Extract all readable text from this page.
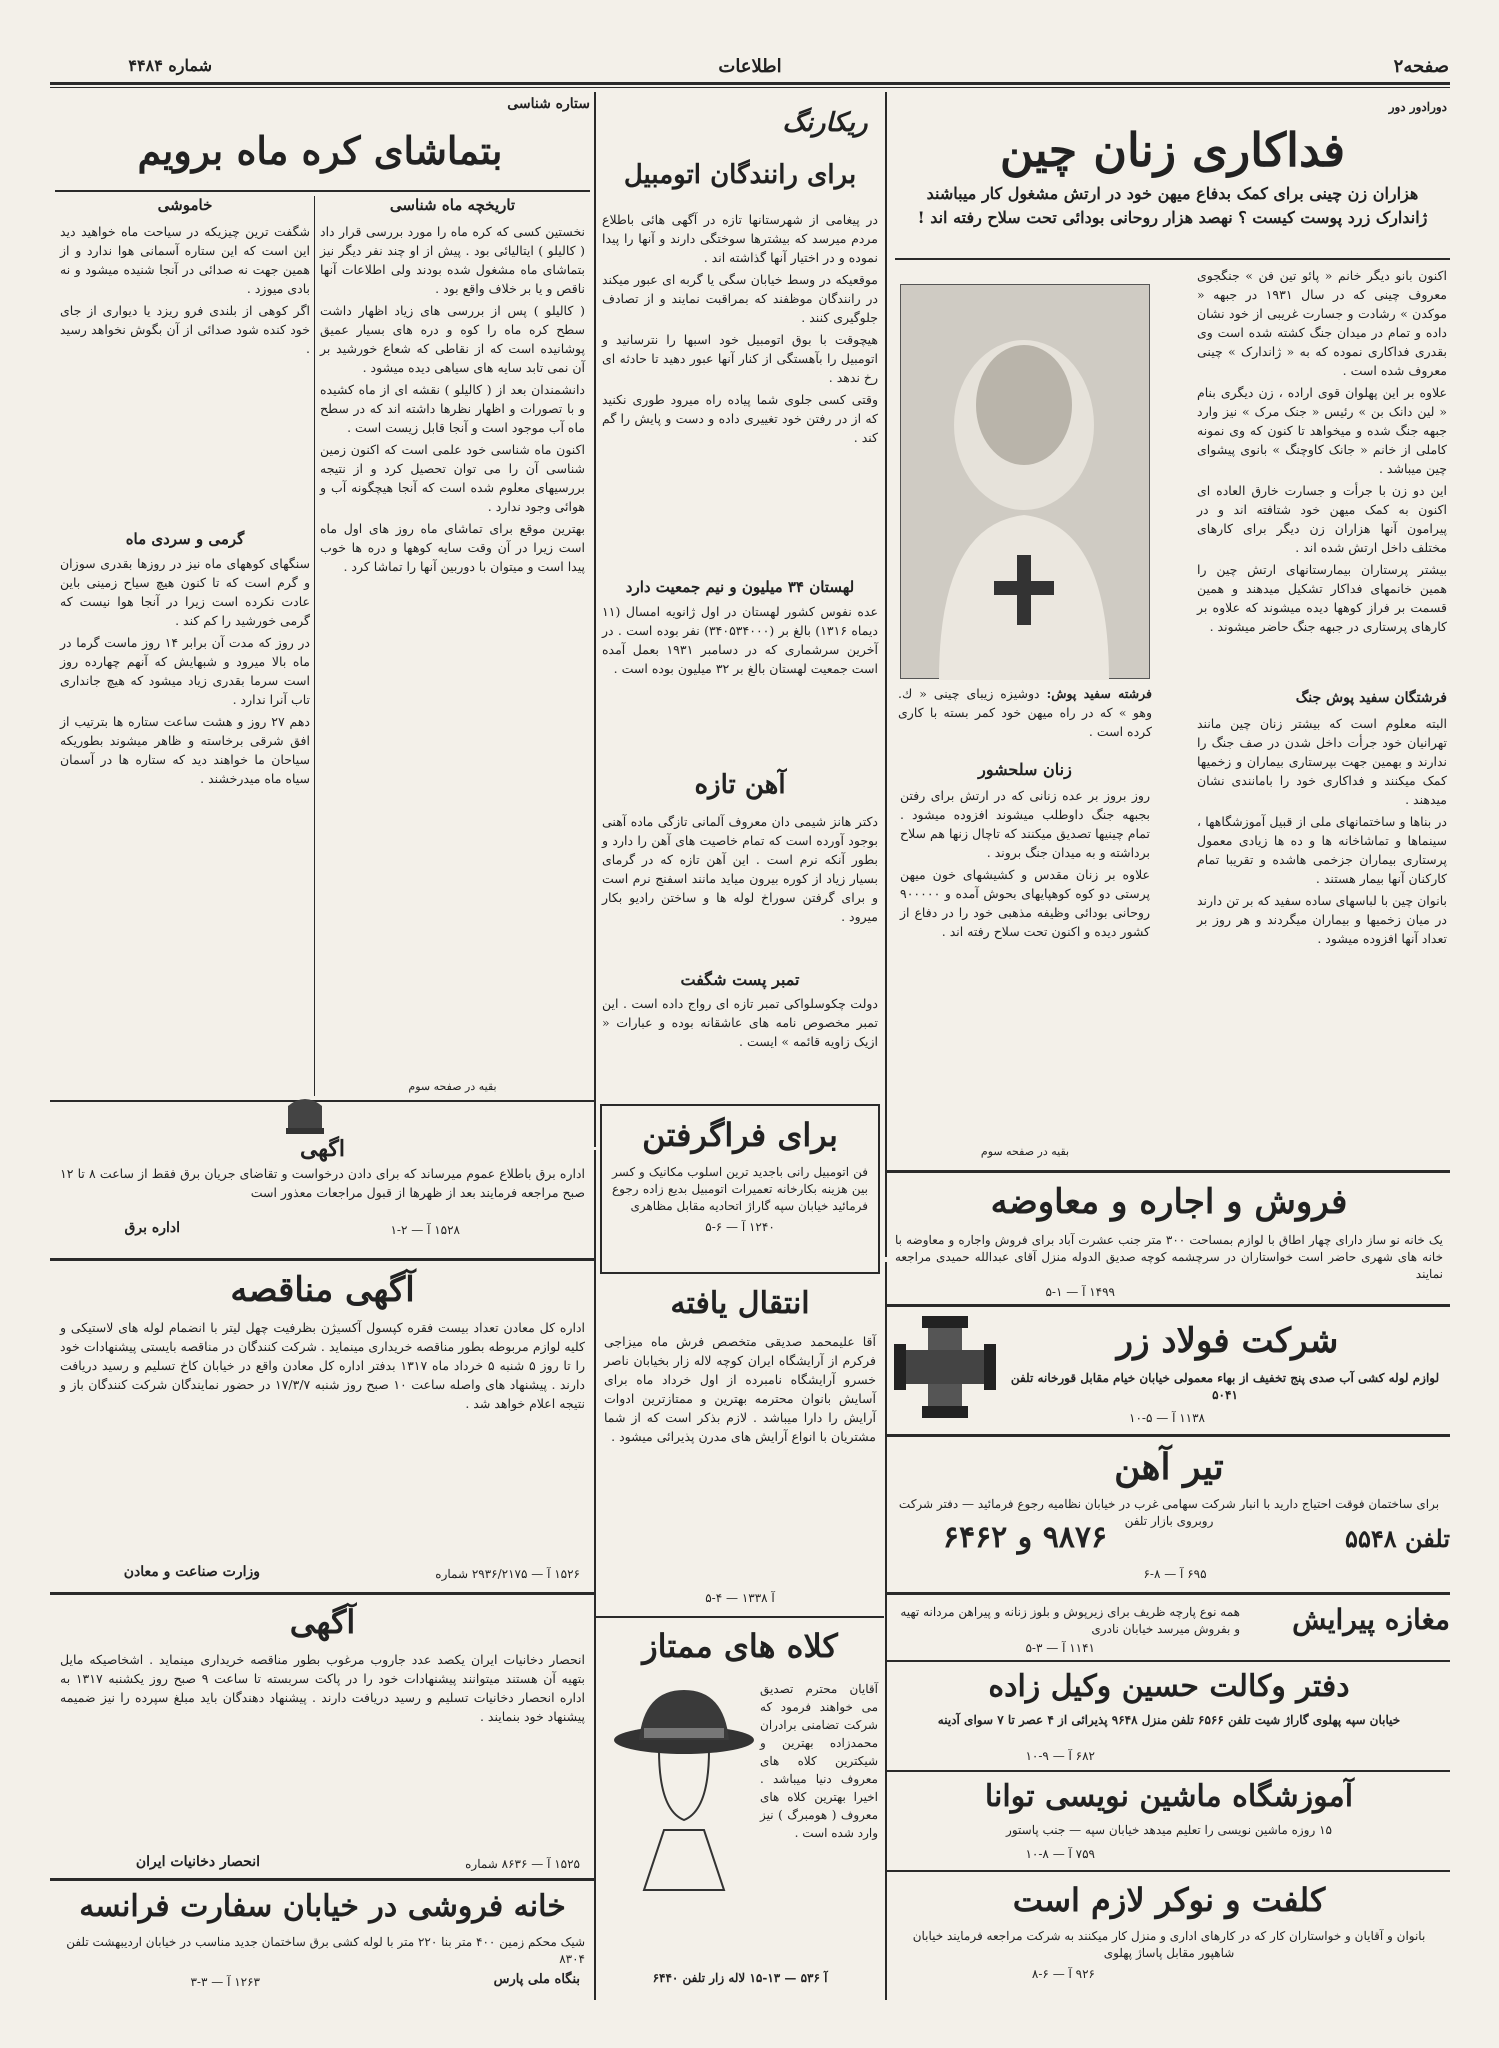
صفحه۲
اطلاعات
شماره ۴۴۸۴
دورادور دور
فداکاری زنان چین
هزاران زن چینی برای کمک بدفاع میهن خود در ارتش مشغول کار میباشند ژاندارک زرد پوست کیست ؟ نهصد هزار روحانی بودائی تحت سلاح رفته اند !

اکنون بانو دیگر خانم « پائو تین فن » جنگجوی معروف چینی که در سال ۱۹۳۱ در جبهه « موکدن » رشادت و جسارت غریبی از خود نشان داده و تمام در میدان جنگ کشته شده است وی بقدری فداکاری نموده که به « ژاندارک » چینی معروف شده است .

علاوه بر این پهلوان قوی اراده ، زن دیگری بنام « لین دانک بن » رئیس « جنک مرک » نیز وارد جبهه جنگ شده و میخواهد تا کنون که وی نمونه کاملی از خانم « جانک کاوچنگ » بانوی پیشوای چین میباشد .

این دو زن با جرأت و جسارت خارق العاده ای اکنون به کمک میهن خود شتافته اند و در پیرامون آنها هزاران زن دیگر برای کارهای مختلف داخل ارتش شده اند .

بیشتر پرستاران بیمارستانهای ارتش چین را همین خانمهای فداکار تشکیل میدهند و همین قسمت بر فراز کوهها دیده میشوند که علاوه بر کارهای پرستاری در جبهه جنگ حاضر میشوند .

فرشته سفید پوش: دوشیزه زیبای چینی « ك. وهو » که در راه میهن خود کمر بسته با کاری کرده است .
فرشتگان سفید پوش جنگ

البته معلوم است که بیشتر زنان چین مانند تهرانیان خود جرأت داخل شدن در صف جنگ را ندارند و بهمین جهت بپرستاری بیماران و زخمیها کمک میکنند و فداکاری خود را بامانندی نشان میدهند .

در بناها و ساختمانهای ملی از قبیل آموزشگاهها ، سینماها و تماشاخانه ها و ده ها زیادی معمول پرستاری بیماران جزخمی هاشده و تقریبا تمام کارکنان آنها بیمار هستند .

بانوان چین با لباسهای ساده سفید که بر تن دارند در میان زخمیها و بیماران میگردند و هر روز بر تعداد آنها افزوده میشود .

زنان سلحشور

روز بروز بر عده زنانی که در ارتش برای رفتن بجبهه جنگ داوطلب میشوند افزوده میشود . تمام چینیها تصدیق میکنند که تاچال زنها هم سلاح برداشته و به میدان جنگ بروند .

علاوه بر زنان مقدس و کشیشهای خون میهن پرستی دو کوه کوهپایهای بحوش آمده و ۹۰۰۰۰۰ روحانی بودائی وظیفه مذهبی خود را در دفاع از کشور دیده و اکنون تحت سلاح رفته اند .

بقیه در صفحه سوم
ریکارنگ
برای رانندگان اتومبیل

در پیغامی از شهرستانها تازه در آگهی هائی باطلاع مردم میرسد که بیشترها سوختگی دارند و آنها را پیدا نموده و در اختیار آنها گذاشته اند .

موقعیکه در وسط خیابان سگی یا گربه ای عبور میکند در رانندگان موظفند که بمراقبت نمایند و از تصادف جلوگیری کنند .

هیچوقت با بوق اتومبیل خود اسبها را نترسانید و اتومبیل را بآهستگی از کنار آنها عبور دهید تا حادثه ای رخ ندهد .

وقتی کسی جلوی شما پیاده راه میرود طوری نکنید که از در رفتن خود تغییری داده و دست و پایش را گم کند .

لهستان ۳۴ میلیون و نیم جمعیت دارد
عده نفوس کشور لهستان در اول ژانویه امسال (۱۱ دیماه ۱۳۱۶) بالغ بر (۳۴۰۵۳۴۰۰۰) نفر بوده است . در آخرین سرشماری که در دسامبر ۱۹۳۱ بعمل آمده است جمعیت لهستان بالغ بر ۳۲ میلیون بوده است .
آهن تازه
دکتر هانز شیمی دان معروف آلمانی تازگی ماده آهنی بوجود آورده است که تمام خاصیت های آهن را دارد و بطور آنکه نرم است . این آهن تازه که در گرمای بسیار زیاد از کوره بیرون میاید مانند اسفنج نرم است و برای گرفتن سوراخ لوله ها و ساختن رادیو بکار میرود .
تمبر پست شگفت
دولت چکوسلواکی تمبر تازه ای رواج داده است . این تمبر مخصوص نامه های عاشقانه بوده و عبارات « ازیک زاویه قائمه » ایست .
ستاره شناسی
بتماشای کره ماه برویم
تاریخچه ماه شناسی

نخستین کسی که کره ماه را مورد بررسی قرار داد ( کالیلو ) ایتالیائی بود . پیش از او چند نفر دیگر نیز بتماشای ماه مشغول شده بودند ولی اطلاعات آنها ناقص و یا بر خلاف واقع بود .

( کالیلو ) پس از بررسی های زیاد اظهار داشت سطح کره ماه را کوه و دره های بسیار عمیق پوشانیده است که از نقاطی که شعاع خورشید بر آن نمی تابد سایه های سیاهی دیده میشود .

دانشمندان بعد از ( کالیلو ) نقشه ای از ماه کشیده و با تصورات و اظهار نظرها داشته اند که در سطح ماه آب موجود است و آنجا قابل زیست است .

اکنون ماه شناسی خود علمی است که اکنون زمین شناسی آن را می توان تحصیل کرد و از نتیجه بررسیهای معلوم شده است که آنجا هیچگونه آب و هوائی وجود ندارد .

بهترین موقع برای تماشای ماه روز های اول ماه است زیرا در آن وقت سایه کوهها و دره ها خوب پیدا است و میتوان با دوربین آنها را تماشا کرد .

خاموشی

شگفت ترین چیزیکه در سیاحت ماه خواهید دید این است که این ستاره آسمانی هوا ندارد و از همین جهت نه صدائی در آنجا شنیده میشود و نه بادی میوزد .

اگر کوهی از بلندی فرو ریزد یا دیواری از جای خود کنده شود صدائی از آن بگوش نخواهد رسید .

گرمی و سردی ماه

سنگهای کوههای ماه نیز در روزها بقدری سوزان و گرم است که تا کنون هیچ سیاح زمینی باین عادت نکرده است زیرا در آنجا هوا نیست که گرمی خورشید را کم کند .

در روز که مدت آن برابر ۱۴ روز ماست گرما در ماه بالا میرود و شبهایش که آنهم چهارده روز است سرما بقدری زیاد میشود که هیچ جانداری تاب آنرا ندارد .

دهم ۲۷ روز و هشت ساعت ستاره ها بترتیب از افق شرقی برخاسته و ظاهر میشوند بطوریکه سیاحان ما خواهند دید که ستاره ها در آسمان سیاه ماه میدرخشند .

بقیه در صفحه سوم
اگهی
اداره برق باطلاع عموم میرساند که برای دادن درخواست و تقاضای جریان برق فقط از ساعت ۸ تا ۱۲ صبح مراجعه فرمایند بعد از ظهرها از قبول مراجعات معذور است
۱۵۲۸ آ — ۲-۱
اداره برق
آگهی مناقصه
اداره کل معادن تعداد بیست فقره کپسول آکسیژن بظرفیت چهل لیتر با انضمام لوله های لاستیکی و کلیه لوازم مربوطه بطور مناقصه خریداری مینماید . شرکت کنندگان در مناقصه بایستی پیشنهادات خود را تا روز ۵ شنبه ۵ خرداد ماه ۱۳۱۷ بدفتر اداره کل معادن واقع در خیابان کاخ تسلیم و رسید دریافت دارند . پیشنهاد های واصله ساعت ۱۰ صبح روز شنبه ۱۷/۳/۷ در حضور نمایندگان شرکت کنندگان باز و نتیجه اعلام خواهد شد .
۱۵۲۶ آ — ۲۹۳۶/۲۱۷۵ شماره
وزارت صناعت و معادن
آگهی
انحصار دخانیات ایران یکصد عدد جاروب مرغوب بطور مناقصه خریداری مینماید . اشخاصیکه مایل بتهیه آن هستند میتوانند پیشنهادات خود را در پاکت سربسته تا ساعت ۹ صبح روز یکشنبه ۱۳۱۷ به اداره انحصار دخانیات تسلیم و رسید دریافت دارند . پیشنهاد دهندگان باید مبلغ سپرده را نیز ضمیمه پیشنهاد خود بنمایند .
انحصار دخانیات ایران	۱۵۲۵ آ — ۸۶۳۶ شماره
خانه فروشی در خیابان سفارت فرانسه
شیک محکم زمین ۴۰۰ متر بنا ۲۲۰ متر با لوله کشی برق ساختمان جدید مناسب در خیابان اردیبهشت تلفن ۸۳۰۴
بنگاه ملی پارس
۱۲۶۳ آ — ۳-۳
برای فراگرفتن
فن اتومبیل رانی باجدید ترین اسلوب مکانیک و کسر بین هزینه بکارخانه تعمیرات اتومبیل بدیع زاده رجوع فرمائید خیابان سپه گاراژ اتحادیه مقابل مظاهری
۱۲۴۰ آ — ۶-۵
انتقال یافته
آقا علیمحمد صدیقی متخصص فرش ماه میزاجی فرکرم از آرایشگاه ایران کوچه لاله زار بخیابان ناصر خسرو آرایشگاه نامبرده از اول خرداد ماه برای آسایش بانوان محترمه بهترین و ممتازترین ادوات آرایش را دارا میباشد . لازم بذکر است که از شما مشتریان با انواع آرایش های مدرن پذیرائی میشود .
آ ۱۳۳۸ — ۴-۵
کلاه های ممتاز
آقایان محترم تصدیق می خواهند فرمود که شرکت تضامنی برادران محمدزاده بهترین و شیکترین کلاه های معروف دنیا میباشد . اخیرا بهترین کلاه های معروف ( هومبرگ ) نیز وارد شده است .
آ ۵۳۶ — ۱۳-۱۵ لاله زار تلفن ۶۴۴۰
فروش و اجاره و معاوضه
یک خانه نو ساز دارای چهار اطاق با لوازم بمساحت ۳۰۰ متر جنب عشرت آباد برای فروش واجاره و معاوضه با خانه های شهری حاضر است خواستاران در سرچشمه کوچه صدیق الدوله منزل آقای عبدالله حمیدی مراجعه نمایند
۱۴۹۹ آ — ۱-۵
شرکت فولاد زر
لوازم لوله کشی آب صدی پنج تخفیف از بهاء معمولی خیابان خیام مقابل قورخانه تلفن ۵۰۴۱
۱۱۳۸ آ — ۵-۱۰
تیر آهن
برای ساختمان فوقت احتیاج دارید با انبار شرکت سهامی غرب در خیابان نظامیه رجوع فرمائید — دفتر شرکت روبروی بازار تلفن
۹۸۷۶ و ۶۴۶۲	تلفن ۵۵۴۸
۶۹۵ آ — ۸-۶
مغازه پیرایش
همه نوع پارچه ظریف برای زیرپوش و بلوز زنانه و پیراهن مردانه تهیه و بفروش میرسد خیابان نادری
۱۱۴۱ آ — ۳-۵
دفتر وکالت حسین وکیل زاده
خیابان سپه پهلوی گاراژ شیت تلفن ۶۵۶۶ تلفن منزل ۹۶۴۸ پذیرائی از ۴ عصر تا ۷ سوای آدینه
۶۸۲ آ — ۹-۱۰
آموزشگاه ماشین نویسی توانا
۱۵ روزه ماشین نویسی را تعلیم میدهد خیابان سپه — جنب پاستور
۷۵۹ آ — ۸-۱۰
کلفت و نوکر لازم است
بانوان و آقایان و خواستاران کار که در کارهای اداری و منزل کار میکنند به شرکت مراجعه فرمایند خیابان شاهپور مقابل پاساژ پهلوی
۹۲۶ آ — ۶-۸
